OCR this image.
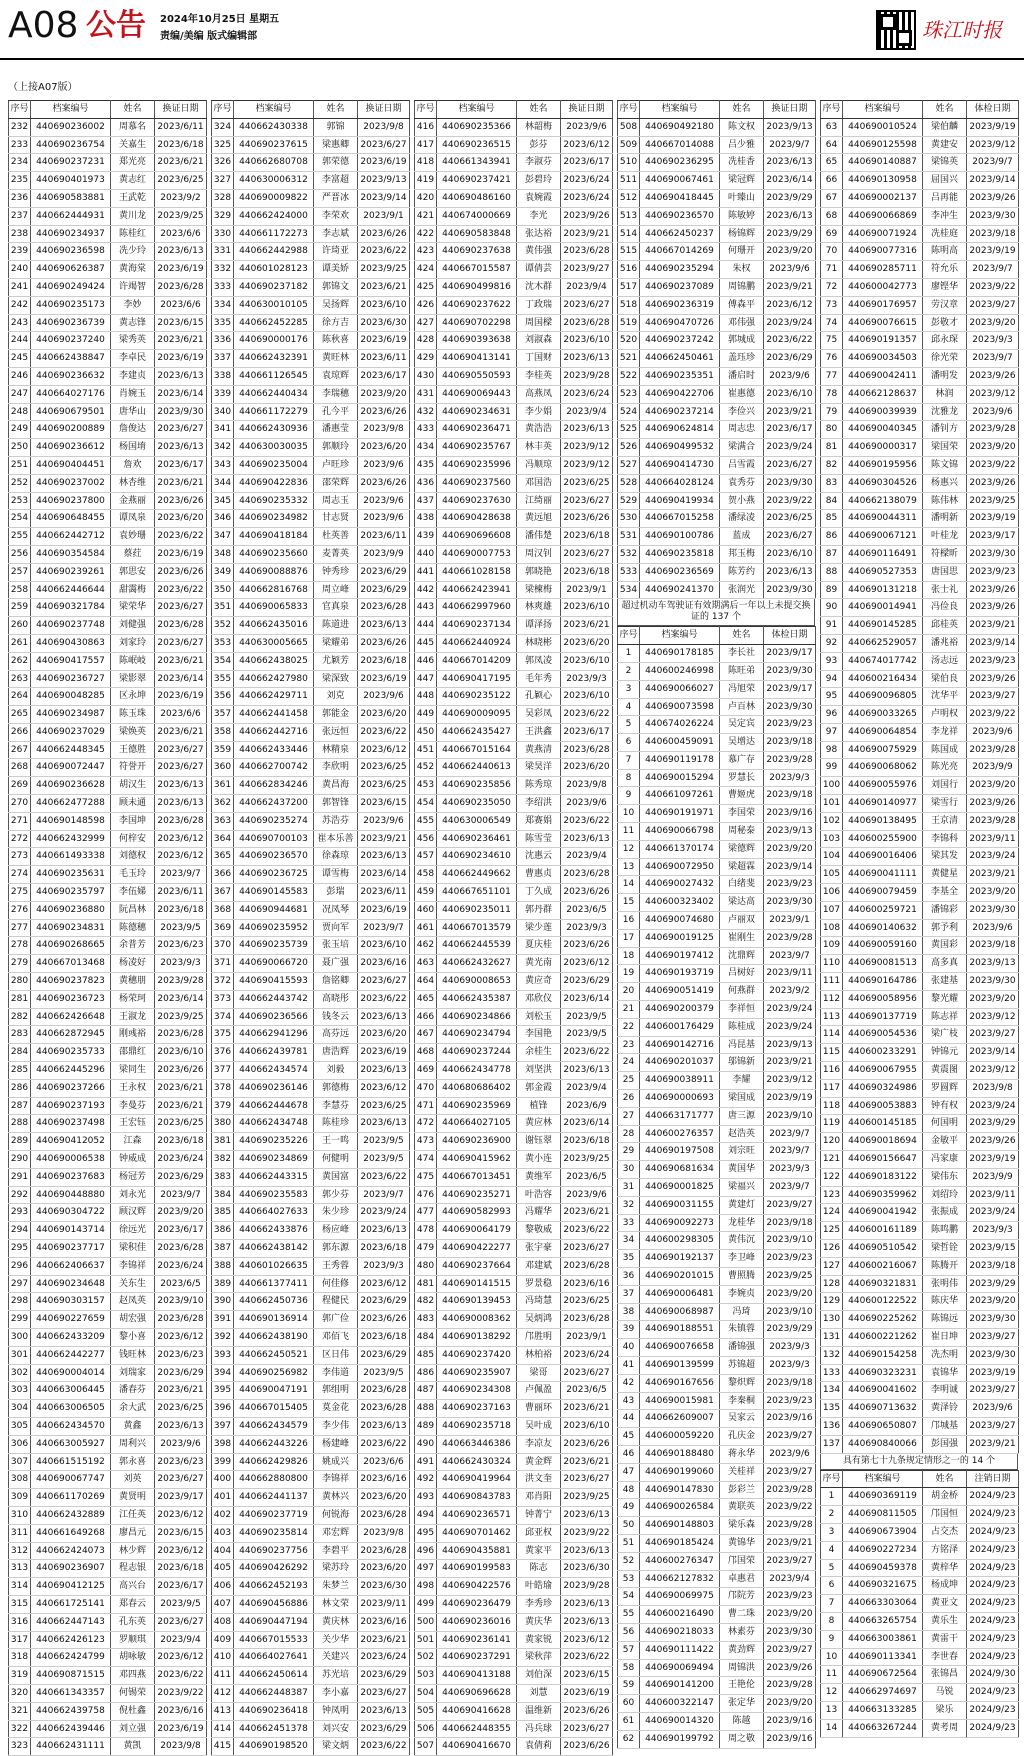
A08 公告 2024年10月25日 星期五
责编/美编 版式编辑部	珠江时报
（上接A07版）
序号	档案编号	姓名	换证日期
232	440690236002	周慕名	2023/6/11
233	440690236754	关嘉生	2023/6/18
234	440690237231	郑光亮	2023/6/21
235	440690401973	黄志红	2023/6/25
236	440690583881	王武乾	2023/9/2
237	440662444931	黄川龙	2023/9/25
238	440690234937	陈桂红	2023/6/6
239	440690236598	冼少玲	2023/6/13
240	440690626387	黄海棠	2023/6/19
241	440690249424	许竭智	2023/6/28
242	440690235173	李妙	2023/6/6
243	440690236739	黄志锋	2023/6/15
244	440690237240	梁秀英	2023/6/21
245	440662438847	李卓民	2023/6/19
246	440690236632	李建贞	2023/6/13
247	440664027176	肖婉玉	2023/6/14
248	440690679501	唐华山	2023/9/30
249	440690200889	詹俊达	2023/6/27
250	440690236612	杨国堉	2023/6/13
251	440690404451	詹欢	2023/6/17
252	440690237002	林杏维	2023/6/21
253	440690237800	金燕丽	2023/6/26
254	440690648455	谭凤泉	2023/6/20
255	440662442712	袁妙珊	2023/6/22
256	440690354584	蔡荭	2023/6/19
257	440690239261	郭思安	2023/6/26
258	440662446644	甜霭梅	2023/6/22
259	440690321784	梁荣华	2023/6/27
260	440690237748	刘健强	2023/6/28
261	440690430863	刘家玲	2023/6/27
262	440690417557	陈岷岐	2023/6/21
263	440690236727	梁影翠	2023/6/14
264	440690048285	区永坤	2023/6/19
265	440690234987	陈玉珠	2023/6/6
266	440690237029	梁焕英	2023/6/21
267	440662448345	王德胜	2023/6/27
268	440690072447	符誉开	2023/6/27
269	440690236628	胡汉生	2023/6/13
270	440662477288	顾未通	2023/6/13
271	440690148598	李国坤	2023/6/28
272	440662432999	何梓安	2023/6/12
273	440661493338	刘德权	2023/6/12
274	440690235631	毛玉玲	2023/9/7
275	440690235797	李伍娣	2023/6/11
276	440690236880	阮昌林	2023/6/18
277	440690234831	陈德穗	2023/9/5
278	440690268665	余普芳	2023/6/23
279	440667013468	杨凌好	2023/9/3
280	440690237823	黄穗朋	2023/9/28
281	440690236723	杨荣珂	2023/6/14
282	440662426648	王淑龙	2023/9/25
283	440662872945	刚彧裕	2023/6/28
284	440690235733	邵鼎红	2023/6/10
285	440662445296	梁同生	2023/6/26
286	440690237266	王永权	2023/6/21
287	440690237193	李曼芬	2023/6/21
288	440690237498	王宏钰	2023/6/25
289	440690412052	江森	2023/6/18
290	440690006538	钟威成	2023/6/24
291	440690237683	杨冠芳	2023/6/29
292	440690448880	刘永光	2023/9/7
293	440690304722	顾汉辉	2023/9/20
294	440690143714	徐远光	2023/6/17
295	440690237717	梁积佳	2023/6/28
296	440662406637	李锦祥	2023/6/24
297	440690234648	关东生	2023/6/5
298	440690303157	赵凤英	2023/9/10
299	440690227659	胡宏强	2023/6/28
300	440662433209	黎小喜	2023/6/12
301	440662442277	钱旺林	2023/6/23
302	440690004014	刘瑞家	2023/6/29
303	440663006445	潘春芬	2023/6/21
304	440663006505	余大武	2023/6/25
305	440662434570	黄鑫	2023/6/13
306	440663005927	周利兴	2023/9/6
307	440661515192	郭永喜	2023/6/23
308	440690067747	刘英	2023/6/27
309	440661170269	黄贤明	2023/9/17
310	440662432889	江任英	2023/6/12
311	440661649268	廖昌元	2023/6/15
312	440662424073	林少辉	2023/6/12
313	440690236907	程志银	2023/6/18
314	440690412125	高兴台	2023/6/17
315	440661725141	郑春云	2023/9/5
316	440662447143	孔东英	2023/6/27
317	440662426123	罗顺琪	2023/9/4
318	440662424799	胡咏敏	2023/6/12
319	440690871515	邓四燕	2023/6/22
320	440661343357	何锡荣	2023/9/22
321	440662439758	倪杜鑫	2023/6/16
322	440662439446	刘立强	2023/6/19
323	440662431111	黄凯	2023/9/8
序号	档案编号	姓名	换证日期
324	440662430338	郭锦	2023/9/8
325	440690237615	梁惠卿	2023/6/27
326	440662680708	郭荣德	2023/6/19
327	440630006312	李富超	2023/9/13
328	440690009822	严晋冰	2023/9/14
329	440662424000	李荣欢	2023/9/1
330	440661172273	李志斌	2023/6/26
331	440662442988	许琦亚	2023/6/22
332	440601028123	谭美娇	2023/9/25
333	440690237182	郭锦文	2023/6/21
334	440630010105	吴扬辉	2023/6/10
335	440662452285	徐方吉	2023/6/30
336	440690000176	陈秋喜	2023/6/19
337	440662432391	黄旺林	2023/6/11
338	440661126545	袁琼辉	2023/6/17
339	440662440434	李瑞穗	2023/9/20
340	440661172279	孔今平	2023/6/26
341	440662430936	潘惠莹	2023/9/8
342	440630030035	郭顺玲	2023/6/20
343	440690235004	卢旺珍	2023/9/6
344	440690422836	邵荣辉	2023/6/26
345	440690235332	周志玉	2023/9/6
346	440690234982	甘志贤	2023/9/6
347	440690418184	杜英善	2023/6/11
348	440690235660	麦菁英	2023/9/9
349	440690088876	钟秀珍	2023/6/29
350	440662816768	周立峰	2023/6/29
351	440690065833	官真泉	2023/6/28
352	440662435016	陈道进	2023/6/13
353	440630005665	梁耀弟	2023/6/26
354	440662438025	尤颖芳	2023/6/18
355	440662427980	梁深致	2023/6/19
356	440662429711	刘克	2023/9/6
357	440662441458	郭能金	2023/6/20
358	440662442716	张远恒	2023/6/22
359	440662433446	林精泉	2023/6/12
360	440662700742	李欣明	2023/6/25
361	440662834246	黄昌海	2023/6/25
362	440662437200	郭智锋	2023/6/15
363	440690235274	苏浩芬	2023/9/6
364	440690700103	崔本乐善	2023/9/21
365	440690236570	徐森琼	2023/6/13
366	440690236725	谭雪梅	2023/6/14
367	440690145583	彭瑞	2023/6/11
368	440690944681	况凤琴	2023/6/19
369	440690235952	贾向军	2023/9/7
370	440690235739	张玉培	2023/6/10
371	440690066720	聂广强	2023/6/16
372	440690415593	詹铭卿	2023/6/27
373	440662443742	高晓彤	2023/6/22
374	440690236566	钱冬云	2023/6/13
375	440662941296	高芬远	2023/6/20
376	440662439781	唐浩辉	2023/6/19
377	440662434574	刘毅	2023/6/13
378	440690236146	郭德梅	2023/6/12
379	440662444678	李慧芬	2023/6/25
380	440662434748	陈桂珍	2023/6/13
381	440690235226	王一鸣	2023/9/5
382	440690234869	何健明	2023/9/5
383	440662443315	黄国富	2023/6/22
384	440690235583	郭少芬	2023/9/7
385	440664027633	朱少珍	2023/9/24
386	440662433876	杨应峰	2023/6/13
387	440662438142	郭东源	2023/6/18
388	440601026635	王秀蓉	2023/9/3
389	440661377411	何佳修	2023/6/12
390	440662450736	程健民	2023/6/29
391	440690136914	郭广俭	2023/6/26
392	440662438190	邓佰飞	2023/6/18
393	440662450521	区日伟	2023/6/29
394	440690256982	李伟道	2023/9/5
395	440690047191	郭组明	2023/6/28
396	440667015405	莫金花	2023/6/28
397	440662434579	李少伟	2023/6/13
398	440662443226	杨建峰	2023/6/22
399	440662429826	姚成兴	2023/6/6
400	440662880800	李锦祥	2023/6/16
401	440662441137	黄林兴	2023/6/20
402	440690237719	何锐海	2023/6/28
403	440690235814	邓宏辉	2023/9/8
404	440690237756	李碧平	2023/6/28
405	440690426292	梁苏玲	2023/6/20
406	440662452193	朱梦兰	2023/6/30
407	440690456886	林文荣	2023/9/11
408	440690447194	黄庆林	2023/6/16
409	440667015533	关少华	2023/6/21
410	440664027641	关建兴	2023/6/24
411	440662450614	苏光培	2023/6/29
412	440662448387	李小嘉	2023/6/27
413	440690236418	钟凤明	2023/6/13
414	440662451378	刘兴安	2023/6/29
415	440690198520	梁文炳	2023/6/22
序号	档案编号	姓名	换证日期
416	440690235366	林韶梅	2023/9/6
417	440690236515	彭芬	2023/6/12
418	440661343941	李淑芬	2023/6/17
419	440690237421	彭碧玲	2023/6/24
420	440690486160	袁婉霞	2023/6/24
421	440674000669	李光	2023/9/26
422	440690583848	张达裕	2023/9/21
423	440690237638	黄伟强	2023/6/28
424	440667015587	谭倩芸	2023/9/27
425	440690499816	沈木群	2023/9/4
426	440690237622	丁政瑞	2023/6/27
427	440690702298	周国樑	2023/6/28
428	440690393638	刘淑森	2023/6/10
429	440690413141	丁国财	2023/6/13
430	440690550593	李桂英	2023/9/28
431	440690069443	高燕凤	2023/6/24
432	440690234631	李少娟	2023/9/4
433	440690236471	黄浩浩	2023/6/13
434	440690235767	林丰英	2023/9/12
435	440690235996	冯顺琼	2023/9/12
436	440690237560	邓国浩	2023/6/25
437	440690237630	江绮丽	2023/6/27
438	440690428638	黄远旭	2023/6/26
439	440690696608	潘伟楚	2023/6/18
440	440690007753	周汉钊	2023/6/27
441	440661028158	郭晓艳	2023/6/18
442	440662423941	梁楝梅	2023/9/1
443	440662997960	林爽雄	2023/6/10
444	440690237134	谭泽扬	2023/6/21
445	440662440924	林晓彬	2023/6/20
446	440667014209	郭凤凌	2023/6/10
447	440690417195	毛年秀	2023/9/3
448	440690235122	孔颖心	2023/6/10
449	440690009095	吴彩凤	2023/6/22
450	440662435427	王洪鑫	2023/6/17
451	440667015164	黄燕清	2023/6/28
452	440662440613	梁昊洋	2023/6/20
453	440690235856	陈秀琼	2023/9/8
454	440690235050	李绍洪	2023/9/6
455	440630006549	郑赛娟	2023/6/22
456	440690236461	陈雪莹	2023/6/13
457	440690234610	沈惠云	2023/9/4
458	440662449662	曹惠贞	2023/6/28
459	440667651101	丁久成	2023/6/26
460	440690235011	郭丹群	2023/6/5
461	440667013579	梁少莲	2023/9/3
462	440662445539	夏庆桂	2023/6/26
463	440662432627	黄光南	2023/6/12
464	440690008653	黄应奇	2023/6/29
465	440662435387	邓欣仪	2023/6/14
466	440690234866	刘松玉	2023/9/5
467	440690234794	李国艳	2023/9/5
468	440690237244	余桂生	2023/6/22
469	440662434778	刘坚洪	2023/6/13
470	440680686402	郭金霞	2023/9/4
471	440690235969	植锋	2023/6/9
472	440664027105	黄应林	2023/6/14
473	440690236900	谢钰翠	2023/6/18
474	440690415962	黄小连	2023/9/25
475	440667013451	黄维军	2023/6/5
476	440690235271	叶浩容	2023/9/6
477	440690582993	冯耀华	2023/6/21
478	440690064179	黎敬威	2023/6/22
479	440690422277	张宇豪	2023/6/27
480	440690237664	邓建斌	2023/6/28
481	440690141515	罗景稳	2023/6/16
482	440690139453	冯琦慧	2023/6/25
483	440690008362	吴炳鸿	2023/6/28
484	440690138292	邝胜明	2023/9/1
485	440690237420	林柏裕	2023/6/24
486	440690235907	梁哥	2023/6/27
487	440690234308	卢佩盈	2023/6/5
488	440690237163	曹丽环	2023/6/21
489	440690235718	吴叶成	2023/6/10
490	440663446386	李凉友	2023/6/26
491	440662430324	黄金辉	2023/6/21
492	440690419964	洪文奎	2023/6/27
493	440690843783	邓肖阳	2023/9/25
494	440690236571	钟菁宁	2023/6/13
495	440690701462	邱亚权	2023/9/22
496	440690435881	黄家平	2023/6/13
497	440690199583	陈志	2023/6/30
498	440690422576	叶皓瑜	2023/9/28
499	440690236479	李秀珍	2023/6/13
500	440690236016	黄庆华	2023/6/13
501	440690236141	黄家锐	2023/6/12
502	440690237291	梁秋萍	2023/6/22
503	440690413188	刘伯深	2023/6/15
504	440690696628	刘慧	2023/6/19
505	440690416628	温维新	2023/6/26
506	440662448355	冯兵球	2023/6/27
507	440690416670	袁倩莉	2023/6/26
序号	档案编号	姓名	换证日期
508	440690492180	陈文权	2023/9/13
509	440667014088	吕少雅	2023/9/7
510	440690236295	冼桂香	2023/6/13
511	440690067461	梁冠辉	2023/6/14
512	440690418445	叶臻山	2023/9/29
513	440690236570	陈敏婷	2023/6/13
514	440662450237	杨锦辉	2023/9/29
515	440667014269	何珊开	2023/9/20
516	440690235294	朱权	2023/9/6
517	440690237089	周锦鹏	2023/9/21
518	440690236319	傅森平	2023/6/12
519	440690470726	邓伟强	2023/9/24
520	440690237242	郭城成	2023/6/22
521	440662450461	盖珏珍	2023/6/29
522	440690235351	潘启时	2023/9/6
523	440690422706	崔惠德	2023/6/10
524	440690237214	李俭兴	2023/9/21
525	440690624814	周志忠	2023/6/17
526	440690499532	梁满合	2023/9/24
527	440690414730	吕雪霞	2023/6/27
528	440664028124	袁秀芬	2023/9/30
529	440690419934	贺小燕	2023/9/22
530	440667015258	潘绿凌	2023/6/25
531	440690100786	蓝成	2023/6/27
532	440690235818	邦玉梅	2023/6/10
533	440690236569	陈芳约	2023/6/13
534	440690241370	张润光	2023/9/30
超过机动车驾驶证有效期满后一年以上未提交换证的 137 个
序号	档案编号	姓名	体检日期
1	440690178185	李长社	2023/9/17
2	440600246998	陈旺弟	2023/9/30
3	440690066027	冯旭荣	2023/9/17
4	440690073598	卢百林	2023/9/30
5	440674026224	吴定宾	2023/9/23
6	440600459091	吴增达	2023/9/18
7	440690119178	慕广存	2023/9/28
8	440690015294	罗慧长	2023/9/3
9	440661097261	曹姬虎	2023/9/18
10	440690191971	李国荣	2023/9/16
11	440690066798	周秘泰	2023/9/13
12	440661370174	梁德辉	2023/9/20
13	440690072950	梁超霖	2023/9/14
14	440690027432	白绪斐	2023/9/23
15	440600323402	梁达高	2023/9/30
16	440690074680	卢丽双	2023/9/1
17	440690019125	崔刚生	2023/9/28
18	440690197412	沈鼎辉	2023/9/7
19	440690193719	吕树好	2023/9/11
20	440690051419	何燕群	2023/9/2
21	440690200379	李祥恒	2023/9/24
22	440600176429	陈桂成	2023/9/24
23	440690142716	冯昆基	2023/9/13
24	440690201037	邬锦新	2023/9/21
25	440690038911	李耀	2023/9/12
26	440690000693	梁国成	2023/9/19
27	440663171777	唐三源	2023/9/10
28	440600276357	赵浩英	2023/9/7
29	440690197508	刘宗旺	2023/9/7
30	440690681634	黄国华	2023/9/3
31	440690001825	梁福兴	2023/9/7
32	440690031155	黄建灯	2023/9/27
33	440690092273	龙桂华	2023/9/18
34	440600298305	黄伟沉	2023/9/10
35	440690192137	李卫峰	2023/9/23
36	440690201015	曹照腾	2023/9/25
37	440690006481	李婉贞	2023/9/20
38	440690068987	冯琦	2023/9/10
39	440690188551	朱镇蓉	2023/9/29
40	440690076658	潘锦强	2023/9/3
41	440690139599	苏锦超	2023/9/3
42	440690167656	黎炽辉	2023/9/18
43	440690015981	李秦桐	2023/9/23
44	440662609007	吴家云	2023/9/16
45	440600059220	孔庆金	2023/9/27
46	440690188480	蒋永华	2023/9/6
47	440690199060	关桂祥	2023/9/27
48	440690147830	彭彩兰	2023/9/28
49	440690026584	黄联英	2023/9/22
50	440690148803	梁乐森	2023/9/28
51	440690185424	黄锦华	2023/9/21
52	440600276347	邝国荣	2023/9/27
53	440662127832	卓惠君	2023/9/4
54	440690069975	邝院芳	2023/9/23
55	440600216490	曹二珠	2023/9/20
56	440690218033	林素芬	2023/9/30
57	440690111422	黄劲辉	2023/9/27
58	440690069494	周锦洪	2023/9/26
59	440690141200	王艳伦	2023/9/28
60	440600322147	张定华	2023/9/20
61	440690014320	陈越	2023/9/16
62	440690199792	周之敬	2023/9/16
序号	档案编号	姓名	体检日期
63	440690010524	梁伯麟	2023/9/19
64	440690125598	黄建安	2023/9/12
65	440690140887	梁锦英	2023/9/7
66	440690130958	屈国兴	2023/9/14
67	440690002137	吕再能	2023/9/26
68	440690066869	李冲生	2023/9/30
69	440690071924	冼桂庭	2023/9/18
70	440690077316	陈明高	2023/9/19
71	440690285711	符允乐	2023/9/7
72	440600042773	廖铿华	2023/9/22
73	440690176957	劳汉章	2023/9/27
74	440690076615	彭敬才	2023/9/20
75	440690191357	邱永琛	2023/9/3
76	440690034503	徐光荣	2023/9/7
77	440690042411	潘明发	2023/9/26
78	440662128637	林润	2023/9/12
79	440690039939	沈雅龙	2023/9/6
80	440690040345	潘钊方	2023/9/28
81	440690000317	梁国荣	2023/9/20
82	440690195956	陈文锦	2023/9/22
83	440690304526	杨惠兴	2023/9/26
84	440662138079	陈伟林	2023/9/25
85	440690044311	潘明新	2023/9/19
86	440690067121	叶桂龙	2023/9/17
87	440690116491	符樑昕	2023/9/30
88	440690527353	唐国思	2023/9/23
89	440690131218	张士礼	2023/9/26
90	440690014941	冯俭良	2023/9/26
91	440690145285	邱桂英	2023/9/21
92	440662529057	潘兆裕	2023/9/14
93	440674017742	汤志远	2023/9/23
94	440600216434	梁伯良	2023/9/26
95	440690096805	沈华平	2023/9/27
96	440690033265	卢明权	2023/9/22
97	440690064854	李龙祥	2023/9/6
98	440690075929	陈国成	2023/9/28
99	440690068062	陈光亮	2023/9/9
100	440690055976	刘国行	2023/9/20
101	440690140977	梁雪行	2023/9/26
102	440690138495	王京清	2023/9/28
103	440600255900	李锦科	2023/9/11
104	440690016406	梁其发	2023/9/24
105	440690041111	黄健星	2023/9/21
106	440690079459	李基全	2023/9/20
107	440600259721	潘锦彩	2023/9/30
108	440690140632	郭予利	2023/9/6
109	440690059160	黄国彩	2023/9/18
110	440690081513	高多真	2023/9/13
111	440690164786	张建基	2023/9/30
112	440690058956	黎光耀	2023/9/20
113	440690137719	陈志祥	2023/9/12
114	440690054536	梁广枝	2023/9/27
115	440600233291	钟锦元	2023/9/14
116	440690067955	黄震图	2023/9/12
117	440690324986	罗圆辉	2023/9/8
118	440690053883	钟有权	2023/9/24
119	440600145185	何国明	2023/9/29
120	440690018694	金敏平	2023/9/26
121	440690156647	冯家康	2023/9/19
122	440690183122	梁伟东	2023/9/9
123	440690359962	刘绍玲	2023/9/11
124	440690041942	张振成	2023/9/24
125	440600161189	陈鸣鹏	2023/9/3
126	440690510542	梁哲铨	2023/9/15
127	440600216067	陈腾开	2023/9/18
128	440690321831	张明伟	2023/9/29
129	440600122522	陈庆华	2023/9/20
130	440690225262	陈锦远	2023/9/30
131	440600221262	崔日坤	2023/9/27
132	440690154258	冼杰明	2023/9/30
133	440690323231	袁锦华	2023/9/19
134	440690041602	李明诚	2023/9/27
135	440690713632	黄泽铃	2023/9/6
136	440690650807	邝城基	2023/9/27
137	440690840066	彭国强	2023/9/21
具有第七十九条规定情形之一的 14 个
序号	档案编号	姓名	注销日期
1	440690369119	胡金桥	2024/9/23
2	440690811505	邝国恒	2024/9/23
3	440690673904	占交杰	2024/9/23
4	440690227234	方铭泽	2024/9/23
5	440690459378	黄梓华	2024/9/23
6	440690321675	杨成坤	2024/9/23
7	440663303064	黄亚文	2024/9/23
8	440663265754	黄乐生	2024/9/23
9	440663003861	黄雷干	2024/9/23
10	440690113341	李世春	2024/9/23
11	440690672564	张锦昌	2024/9/30
12	440662974697	马锐	2024/9/23
13	440663133285	梁乐	2024/9/23
14	440663267244	黄考周	2024/9/23
